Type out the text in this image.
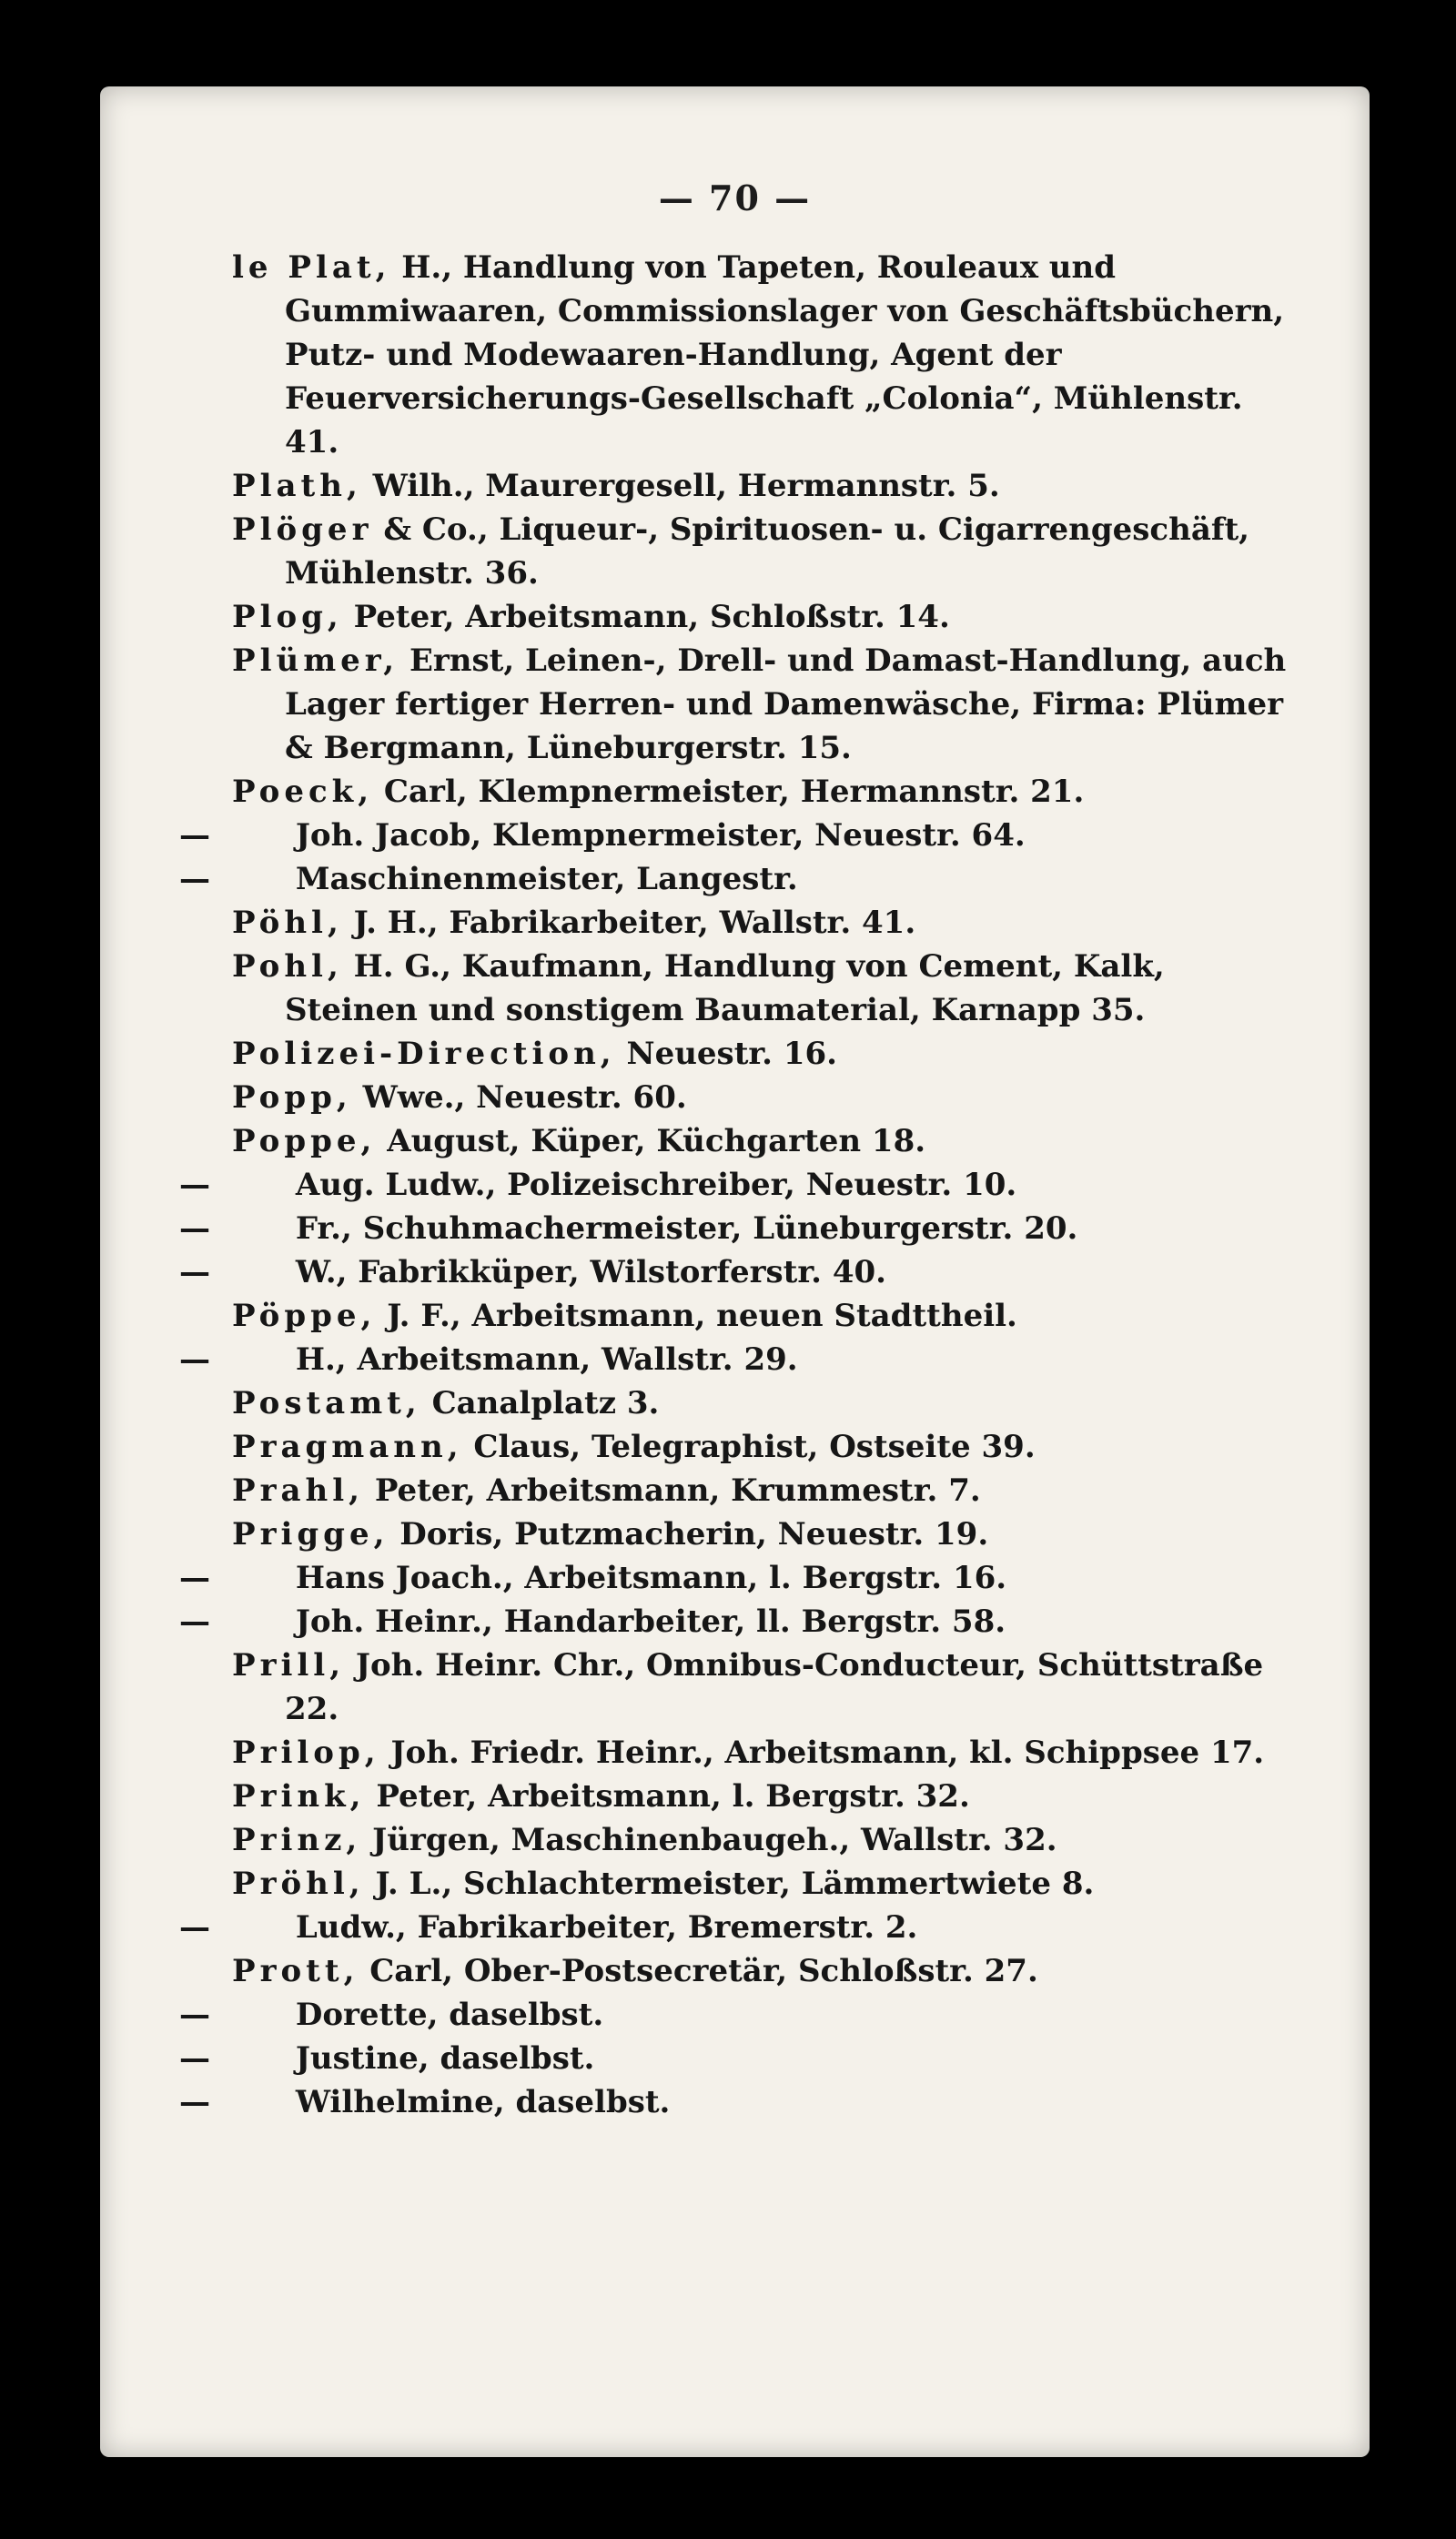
— 70 —

le Plat, H., Handlung von Tapeten, Rouleaux und Gummiwaaren, Commissionslager von Geschäftsbüchern, Putz- und Modewaaren-Handlung, Agent der Feuerversicherungs-Gesellschaft „Colonia“, Mühlenstr. 41.

Plath, Wilh., Maurergesell, Hermannstr. 5.

Plöger & Co., Liqueur-, Spirituosen- u. Cigarrengeschäft, Mühlenstr. 36.

Plog, Peter, Arbeitsmann, Schloßstr. 14.

Plümer, Ernst, Leinen-, Drell- und Damast-Handlung, auch Lager fertiger Herren- und Damenwäsche, Firma: Plümer & Bergmann, Lüneburgerstr. 15.

Poeck, Carl, Klempnermeister, Hermannstr. 21.

—	Joh. Jacob, Klempnermeister, Neuestr. 64.

—	Maschinenmeister, Langestr.

Pöhl, J. H., Fabrikarbeiter, Wallstr. 41.

Pohl, H. G., Kaufmann, Handlung von Cement, Kalk, Steinen und sonstigem Baumaterial, Karnapp 35.

Polizei-Direction, Neuestr. 16.

Popp, Wwe., Neuestr. 60.

Poppe, August, Küper, Küchgarten 18.

—	Aug. Ludw., Polizeischreiber, Neuestr. 10.

—	Fr., Schuhmachermeister, Lüneburgerstr. 20.

—	W., Fabrikküper, Wilstorferstr. 40.

Pöppe, J. F., Arbeitsmann, neuen Stadttheil.

—	H., Arbeitsmann, Wallstr. 29.

Postamt, Canalplatz 3.

Pragmann, Claus, Telegraphist, Ostseite 39.

Prahl, Peter, Arbeitsmann, Krummestr. 7.

Prigge, Doris, Putzmacherin, Neuestr. 19.

—	Hans Joach., Arbeitsmann, l. Bergstr. 16.

—	Joh. Heinr., Handarbeiter, ll. Bergstr. 58.

Prill, Joh. Heinr. Chr., Omnibus-Conducteur, Schüttstraße 22.

Prilop, Joh. Friedr. Heinr., Arbeitsmann, kl. Schippsee 17.

Prink, Peter, Arbeitsmann, l. Bergstr. 32.

Prinz, Jürgen, Maschinenbaugeh., Wallstr. 32.

Pröhl, J. L., Schlachtermeister, Lämmertwiete 8.

—	Ludw., Fabrikarbeiter, Bremerstr. 2.

Prott, Carl, Ober-Postsecretär, Schloßstr. 27.

—	Dorette, daselbst.

—	Justine, daselbst.

—	Wilhelmine, daselbst.
